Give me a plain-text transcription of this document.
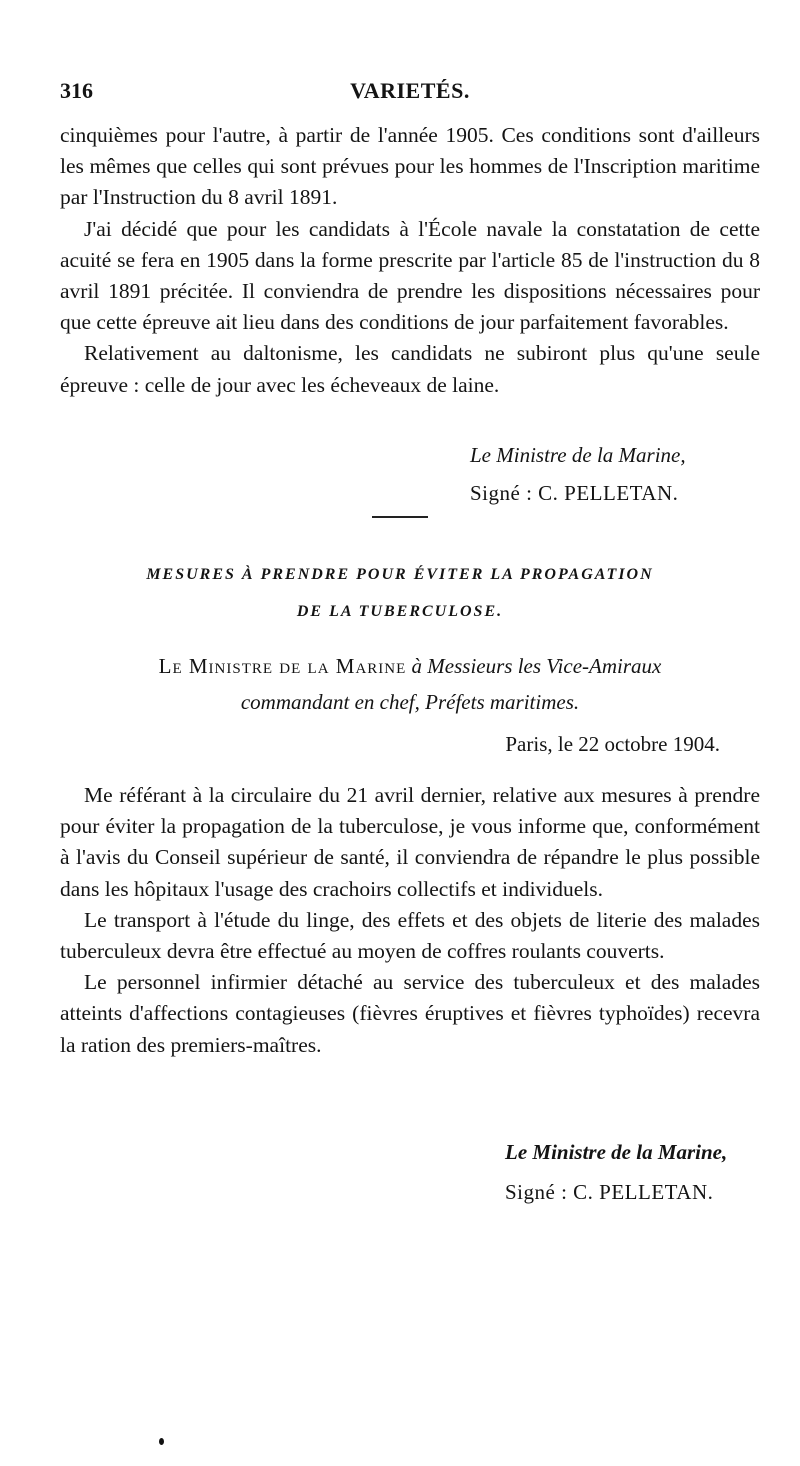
316	VARIETÉS.

cinquièmes pour l'autre, à partir de l'année 1905. Ces conditions sont d'ailleurs les mêmes que celles qui sont prévues pour les hommes de l'Inscription maritime par l'Instruction du 8 avril 1891.

J'ai décidé que pour les candidats à l'École navale la constatation de cette acuité se fera en 1905 dans la forme prescrite par l'article 85 de l'instruction du 8 avril 1891 précitée. Il conviendra de prendre les dispositions nécessaires pour que cette épreuve ait lieu dans des conditions de jour parfaitement favorables.

Relativement au daltonisme, les candidats ne subiront plus qu'une seule épreuve : celle de jour avec les écheveaux de laine.

Le Ministre de la Marine,
Signé : C. PELLETAN.
MESURES À PRENDRE POUR ÉVITER LA PROPAGATION
DE LA TUBERCULOSE.
Le Ministre de la Marine à Messieurs les Vice-Amiraux
commandant en chef, Préfets maritimes.
Paris, le 22 octobre 1904.

Me référant à la circulaire du 21 avril dernier, relative aux mesures à prendre pour éviter la propagation de la tuberculose, je vous informe que, conformément à l'avis du Conseil supérieur de santé, il conviendra de répandre le plus possible dans les hôpitaux l'usage des crachoirs collectifs et individuels.

Le transport à l'étude du linge, des effets et des objets de literie des malades tuberculeux devra être effectué au moyen de coffres roulants couverts.

Le personnel infirmier détaché au service des tuberculeux et des malades atteints d'affections contagieuses (fièvres éruptives et fièvres typhoïdes) recevra la ration des premiers-maîtres.

Le Ministre de la Marine,
Signé : C. PELLETAN.
